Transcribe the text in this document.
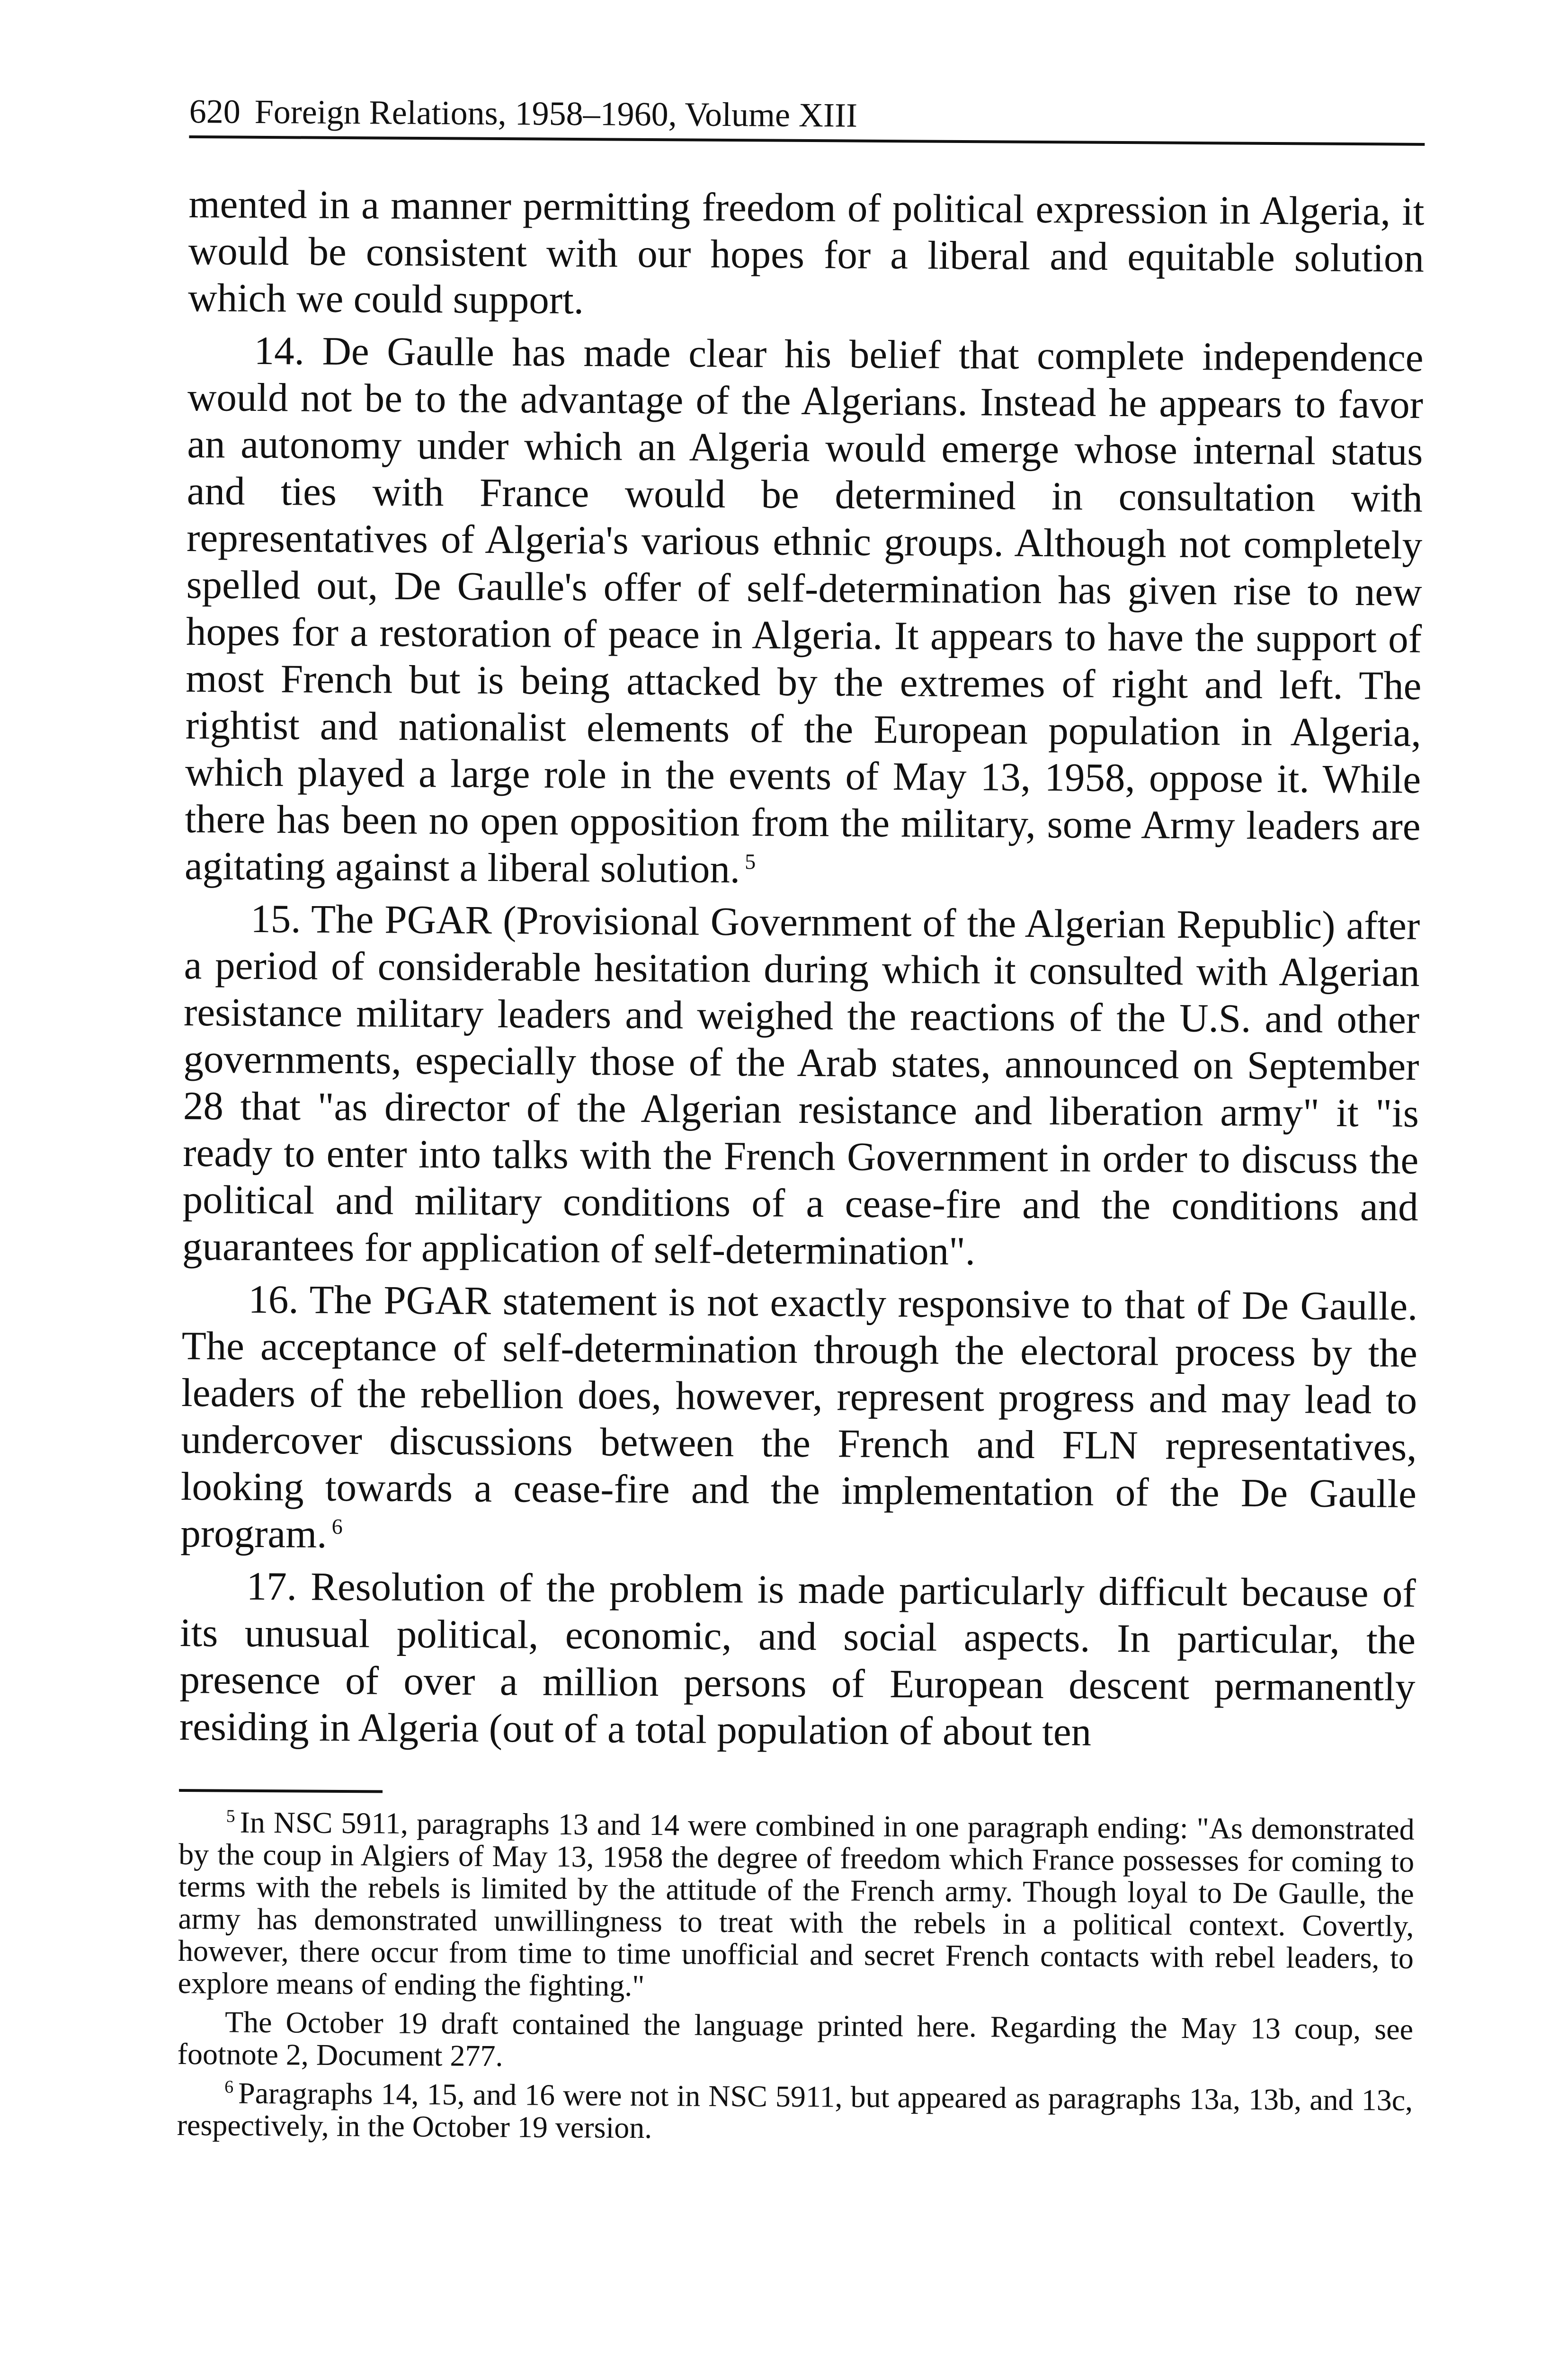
620 Foreign Relations, 1958–1960, Volume XIII

mented in a manner permitting freedom of political expression in Algeria, it would be consistent with our hopes for a liberal and equitable solution which we could support.

14. De Gaulle has made clear his belief that complete independence would not be to the advantage of the Algerians. Instead he appears to favor an autonomy under which an Algeria would emerge whose internal status and ties with France would be determined in consultation with representatives of Algeria's various ethnic groups. Although not completely spelled out, De Gaulle's offer of self-determination has given rise to new hopes for a restoration of peace in Algeria. It appears to have the support of most French but is being attacked by the extremes of right and left. The rightist and nationalist elements of the European population in Algeria, which played a large role in the events of May 13, 1958, oppose it. While there has been no open opposition from the military, some Army leaders are agitating against a liberal solution. $^5$

15. The PGAR (Provisional Government of the Algerian Republic) after a period of considerable hesitation during which it consulted with Algerian resistance military leaders and weighed the reactions of the U.S. and other governments, especially those of the Arab states, announced on September 28 that "as director of the Algerian resistance and liberation army" it "is ready to enter into talks with the French Government in order to discuss the political and military conditions of a cease-fire and the conditions and guarantees for application of self-determination".

16. The PGAR statement is not exactly responsive to that of De Gaulle. The acceptance of self-determination through the electoral process by the leaders of the rebellion does, however, represent progress and may lead to undercover discussions between the French and FLN representatives, looking towards a cease-fire and the implementation of the De Gaulle program. $^6$

17. Resolution of the problem is made particularly difficult because of its unusual political, economic, and social aspects. In particular, the presence of over a million persons of European descent permanently residing in Algeria (out of a total population of about ten

$^5$ In NSC 5911, paragraphs 13 and 14 were combined in one paragraph ending: "As demonstrated by the coup in Algiers of May 13, 1958 the degree of freedom which France possesses for coming to terms with the rebels is limited by the attitude of the French army. Though loyal to De Gaulle, the army has demonstrated unwillingness to treat with the rebels in a political context. Covertly, however, there occur from time to time unofficial and secret French contacts with rebel leaders, to explore means of ending the fighting."

The October 19 draft contained the language printed here. Regarding the May 13 coup, see footnote 2, Document 277.

$^6$ Paragraphs 14, 15, and 16 were not in NSC 5911, but appeared as paragraphs 13a, 13b, and 13c, respectively, in the October 19 version.
